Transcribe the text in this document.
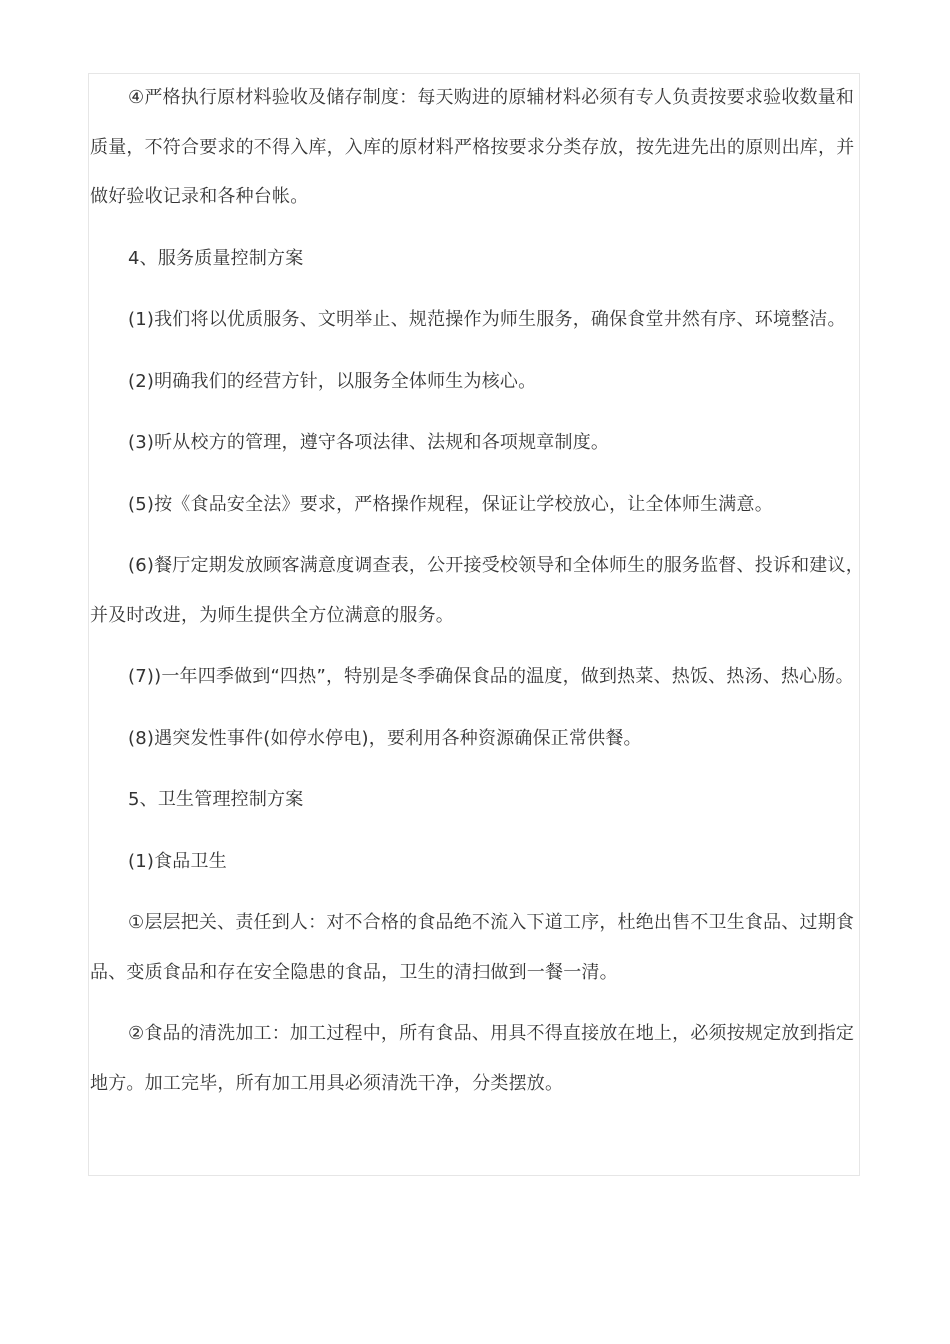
④严格执行原材料验收及储存制度：每天购进的原辅材料必须有专人负责按要求验收数量和质量，不符合要求的不得入库，入库的原材料严格按要求分类存放，按先进先出的原则出库，并做好验收记录和各种台帐。

4、服务质量控制方案

(1)我们将以优质服务、文明举止、规范操作为师生服务，确保食堂井然有序、环境整洁。

(2)明确我们的经营方针，以服务全体师生为核心。

(3)听从校方的管理，遵守各项法律、法规和各项规章制度。

(5)按《食品安全法》要求，严格操作规程，保证让学校放心，让全体师生满意。

(6)餐厅定期发放顾客满意度调查表，公开接受校领导和全体师生的服务监督、投诉和建议，并及时改进，为师生提供全方位满意的服务。

(7))一年四季做到“四热”，特别是冬季确保食品的温度，做到热菜、热饭、热汤、热心肠。

(8)遇突发性事件(如停水停电)，要利用各种资源确保正常供餐。

5、卫生管理控制方案

(1)食品卫生

①层层把关、责任到人：对不合格的食品绝不流入下道工序，杜绝出售不卫生食品、过期食品、变质食品和存在安全隐患的食品，卫生的清扫做到一餐一清。

②食品的清洗加工：加工过程中，所有食品、用具不得直接放在地上，必须按规定放到指定地方。加工完毕，所有加工用具必须清洗干净，分类摆放。
